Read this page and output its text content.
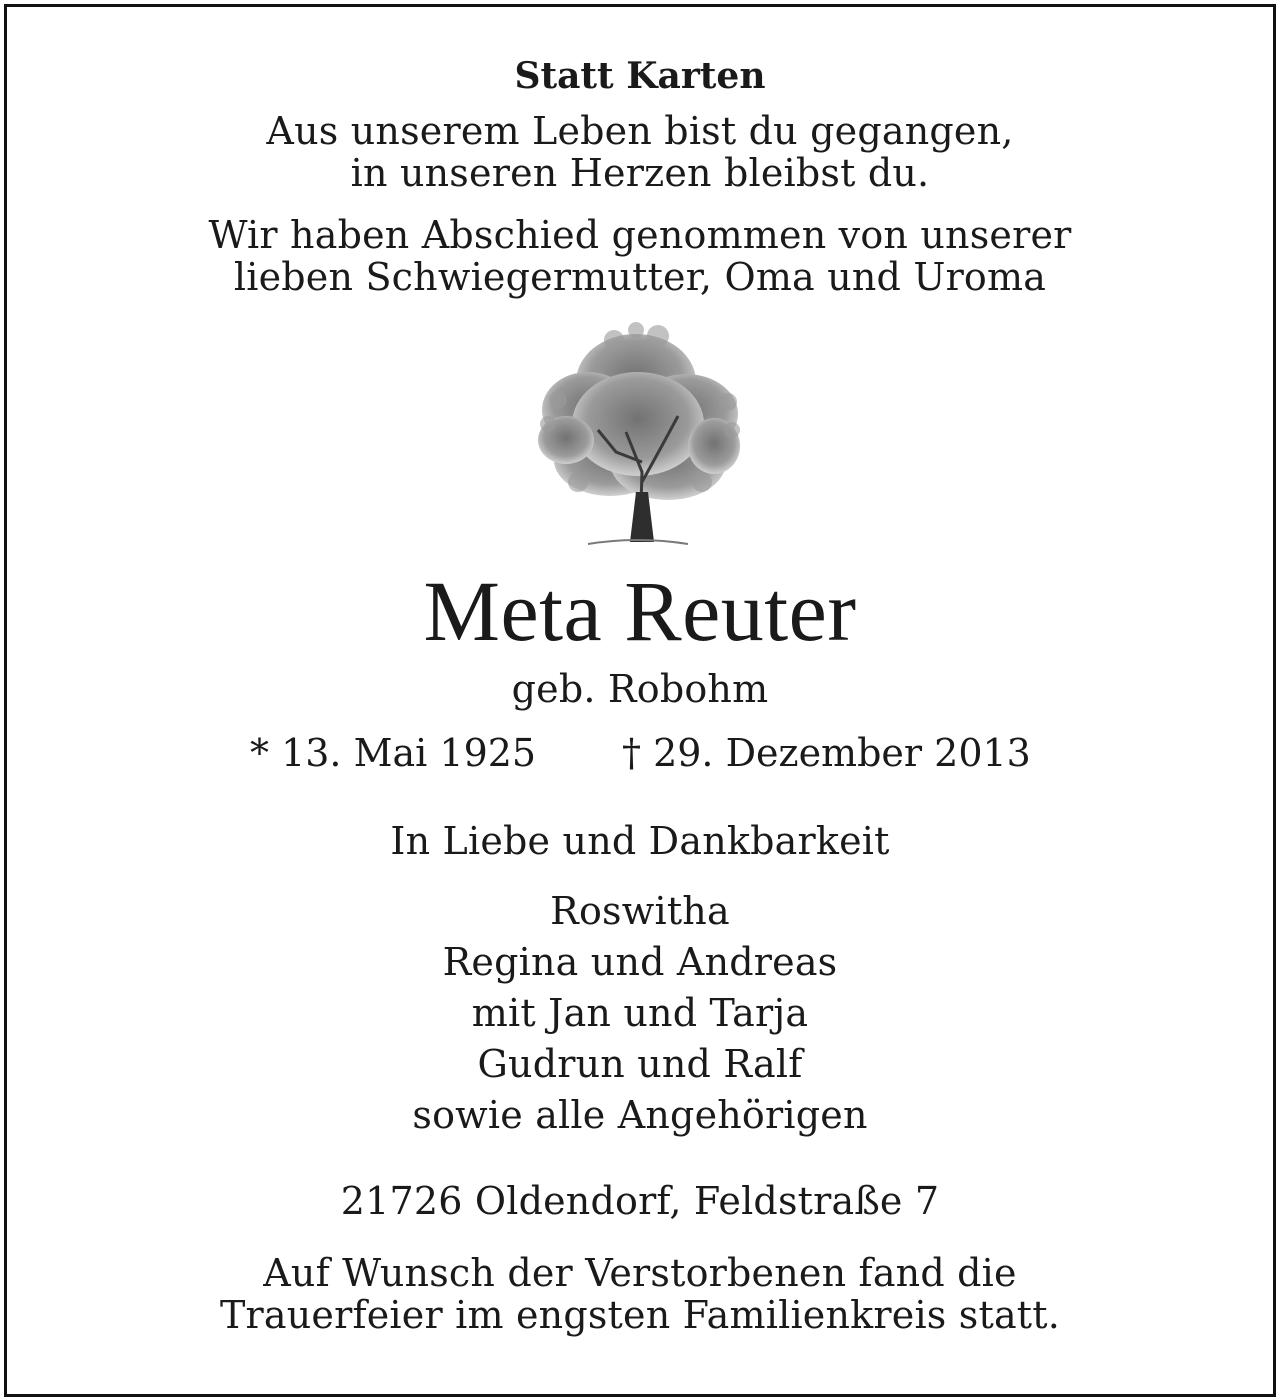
Statt Karten
Aus unserem Leben bist du gegangen,
in unseren Herzen bleibst du.
Wir haben Abschied genommen von unserer
lieben Schwiegermutter, Oma und Uroma
Meta Reuter
geb. Robohm
* 13. Mai 1925 † 29. Dezember 2013
In Liebe und Dankbarkeit
Roswitha
Regina und Andreas
mit Jan und Tarja
Gudrun und Ralf
sowie alle Angehörigen
21726 Oldendorf, Feldstraße 7
Auf Wunsch der Verstorbenen fand die
Trauerfeier im engsten Familienkreis statt.
